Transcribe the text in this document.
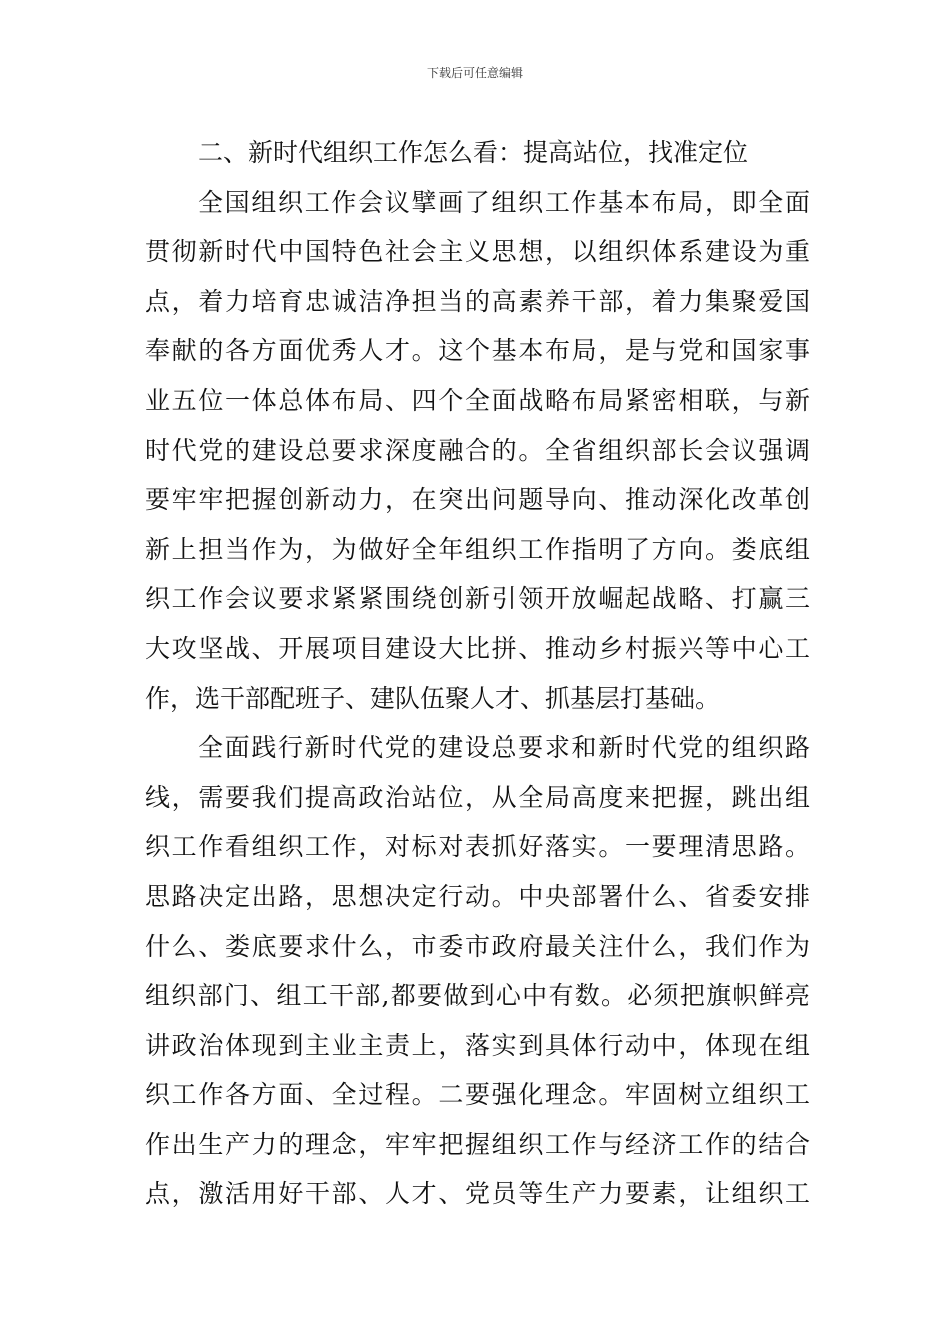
下载后可任意编辑
二、新时代组织工作怎么看：提高站位，找准定位
全国组织工作会议擘画了组织工作基本布局，即全面
贯彻新时代中国特色社会主义思想，以组织体系建设为重
点，着力培育忠诚洁净担当的高素养干部，着力集聚爱国
奉献的各方面优秀人才。这个基本布局，是与党和国家事
业五位一体总体布局、四个全面战略布局紧密相联，与新
时代党的建设总要求深度融合的。全省组织部长会议强调
要牢牢把握创新动力，在突出问题导向、推动深化改革创
新上担当作为，为做好全年组织工作指明了方向。娄底组
织工作会议要求紧紧围绕创新引领开放崛起战略、打赢三
大攻坚战、开展项目建设大比拼、推动乡村振兴等中心工
作，选干部配班子、建队伍聚人才、抓基层打基础。
全面践行新时代党的建设总要求和新时代党的组织路
线，需要我们提高政治站位，从全局高度来把握，跳出组
织工作看组织工作，对标对表抓好落实。一要理清思路。
思路决定出路，思想决定行动。中央部署什么、省委安排
什么、娄底要求什么，市委市政府最关注什么，我们作为
组织部门、组工干部,都要做到心中有数。必须把旗帜鲜亮
讲政治体现到主业主责上，落实到具体行动中，体现在组
织工作各方面、全过程。二要强化理念。牢固树立组织工
作出生产力的理念，牢牢把握组织工作与经济工作的结合
点，激活用好干部、人才、党员等生产力要素，让组织工
